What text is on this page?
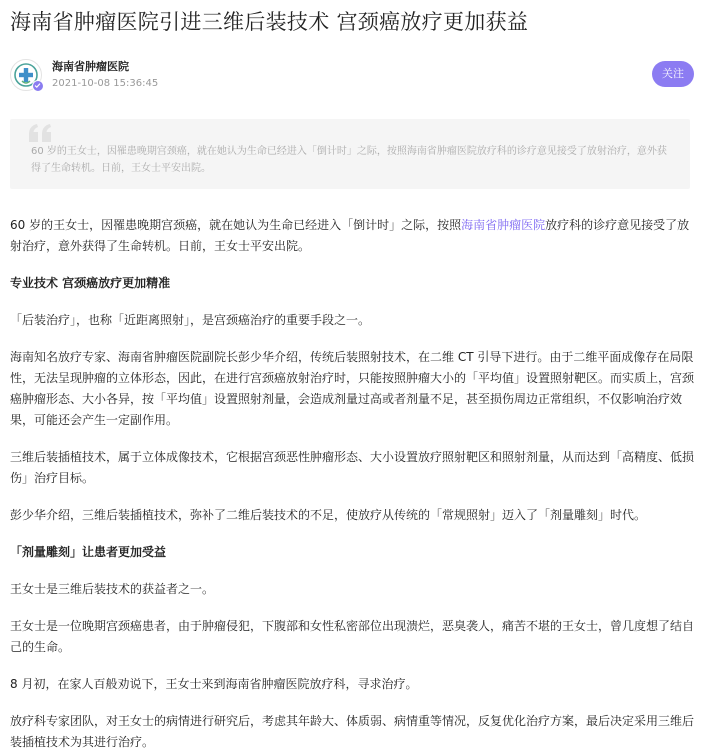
海南省肿瘤医院引进三维后装技术 宫颈癌放疗更加获益
海南省肿瘤医院
2021-10-08 15:36:45
关注

60 岁的王女士，因罹患晚期宫颈癌，就在她认为生命已经进入「倒计时」之际，按照海南省肿瘤医院放疗科的诊疗意见接受了放射治疗，意外获得了生命转机。日前，王女士平安出院。

60 岁的王女士，因罹患晚期宫颈癌，就在她认为生命已经进入「倒计时」之际，按照海南省肿瘤医院放疗科的诊疗意见接受了放射治疗，意外获得了生命转机。日前，王女士平安出院。

专业技术 宫颈癌放疗更加精准

「后装治疗」，也称「近距离照射」，是宫颈癌治疗的重要手段之一。

海南知名放疗专家、海南省肿瘤医院副院长彭少华介绍，传统后装照射技术，在二维 CT 引导下进行。由于二维平面成像存在局限性，无法呈现肿瘤的立体形态，因此，在进行宫颈癌放射治疗时，只能按照肿瘤大小的「平均值」设置照射靶区。而实质上，宫颈癌肿瘤形态、大小各异，按「平均值」设置照射剂量，会造成剂量过高或者剂量不足，甚至损伤周边正常组织，不仅影响治疗效果，可能还会产生一定副作用。

三维后装插植技术，属于立体成像技术，它根据宫颈恶性肿瘤形态、大小设置放疗照射靶区和照射剂量，从而达到「高精度、低损伤」治疗目标。

彭少华介绍，三维后装插植技术，弥补了二维后装技术的不足，使放疗从传统的「常规照射」迈入了「剂量雕刻」时代。

「剂量雕刻」让患者更加受益

王女士是三维后装技术的获益者之一。

王女士是一位晚期宫颈癌患者，由于肿瘤侵犯，下腹部和女性私密部位出现溃烂，恶臭袭人，痛苦不堪的王女士，曾几度想了结自己的生命。

8 月初，在家人百般劝说下，王女士来到海南省肿瘤医院放疗科，寻求治疗。

放疗科专家团队，对王女士的病情进行研究后，考虑其年龄大、体质弱、病情重等情况，反复优化治疗方案，最后决定采用三维后装插植技术为其进行治疗。
